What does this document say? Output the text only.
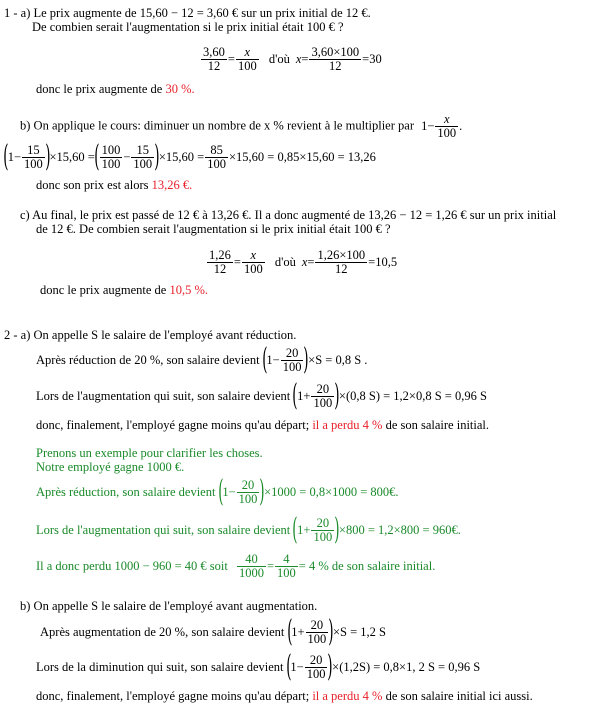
1 - a) Le prix augmente de 15,60 − 12 = 3,60 € sur un prix initial de 12 €.
De combien serait l'augmentation si le prix initial était 100 € ?
$\frac{3,60}{12} = \frac{x}{100}$ d'où $x= \frac{3,60\times 100}{12} =30$
donc le prix augmente de 30 %.
b) On applique le cours: diminuer un nombre de x % revient à le multiplier par $1- \frac{x}{100}$ .
$(1- \frac{15}{100} )\times 15,60$ =( $\frac{100}{100} - \frac{15}{100} )\times 15,60 = \frac{85}{100} \times 15,60 = 0,85\times 15,60 = 13,26$
donc son prix est alors 13,26 €.
c) Au final, le prix est passé de 12 € à 13,26 €. Il a donc augmenté de 13,26 − 12 = 1,26 € sur un prix initial
de 12 €. De combien serait l'augmentation si le prix initial était 100 € ?
$\frac{1,26}{12} = \frac{x}{100}$ d'où $x= \frac{1,26\times 100}{12} =10,5$
donc le prix augmente de 10,5 %.
2 - a) On appelle S le salaire de l'employé avant réduction.
Après réduction de 20 %, son salaire devient $(1- \frac{20}{100} )\times S = 0,8$ S .
Lors de l'augmentation qui suit, son salaire devient $(1+ \frac{20}{100} )\times(0,8$ S) = 1,2×0,8 S = 0,96 S
donc, finalement, l'employé gagne moins qu'au départ; il a perdu 4 % de son salaire initial.
Prenons un exemple pour clarifier les choses.
Notre employé gagne 1000 €.
Après réduction, son salaire devient $(1- \frac{20}{100} )\times 1000 = 0,8\times 1000$ = 800€.
Lors de l'augmentation qui suit, son salaire devient $(1+ \frac{20}{100} )\times 800 = 1,2\times 800$ = 960€.
Il a donc perdu 1000 − 960 = 40 € soit $\frac{40}{1000} = \frac{4}{100} = 4$ % de son salaire initial.
b) On appelle S le salaire de l'employé avant augmentation.
Après augmentation de 20 %, son salaire devient $(1+ \frac{20}{100} )\times S = 1,2$ S
Lors de la diminution qui suit, son salaire devient $(1- \frac{20}{100} )\times(1,2S) = 0,8\times 1$, 2 S = 0,96 S
donc, finalement, l'employé gagne moins qu'au départ; il a perdu 4 % de son salaire initial ici aussi.
